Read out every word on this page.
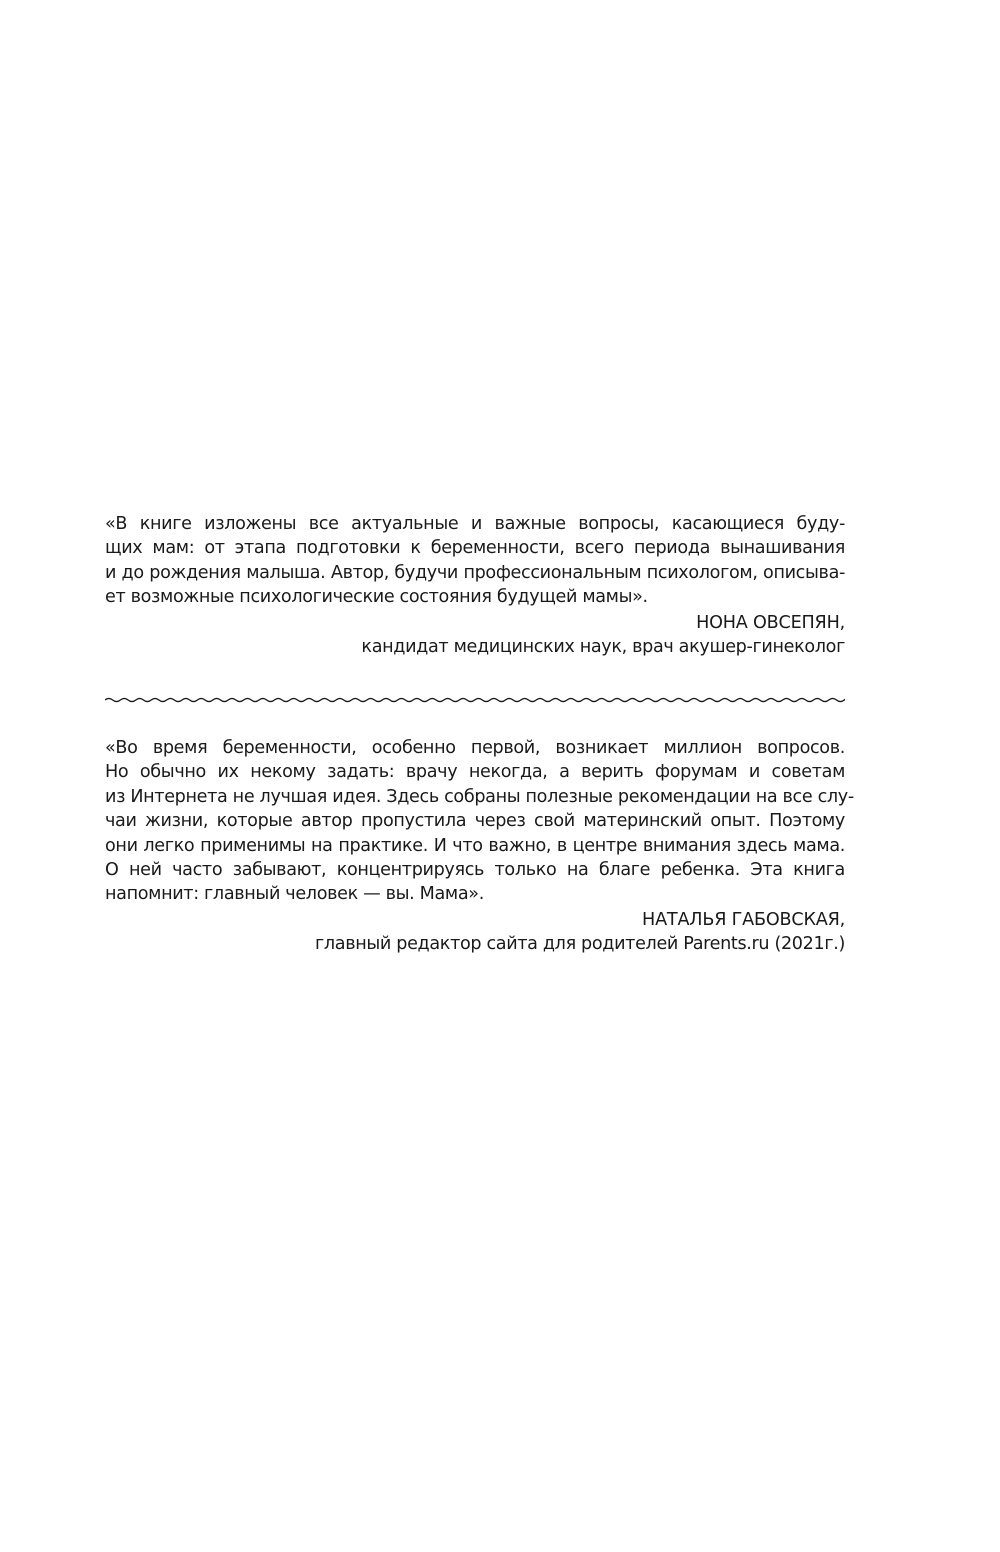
«В книге изложены все актуальные и важные вопросы, касающиеся буду-
щих мам: от этапа подготовки к беременности, всего периода вынашивания
и до рождения малыша. Автор, будучи профессиональным психологом, описыва-
ет возможные психологические состояния будущей мамы».
НОНА ОВСЕПЯН,
кандидат медицинских наук, врач акушер-гинеколог
«Во время беременности, особенно первой, возникает миллион вопросов.
Но обычно их некому задать: врачу некогда, а верить форумам и советам
из Интернета не лучшая идея. Здесь собраны полезные рекомендации на все слу-
чаи жизни, которые автор пропустила через свой материнский опыт. Поэтому
они легко применимы на практике. И что важно, в центре внимания здесь мама.
О ней часто забывают, концентрируясь только на благе ребенка. Эта книга
напомнит: главный человек — вы. Мама».
НАТАЛЬЯ ГАБОВСКАЯ,
главный редактор сайта для родителей Parents.ru (2021г.)
